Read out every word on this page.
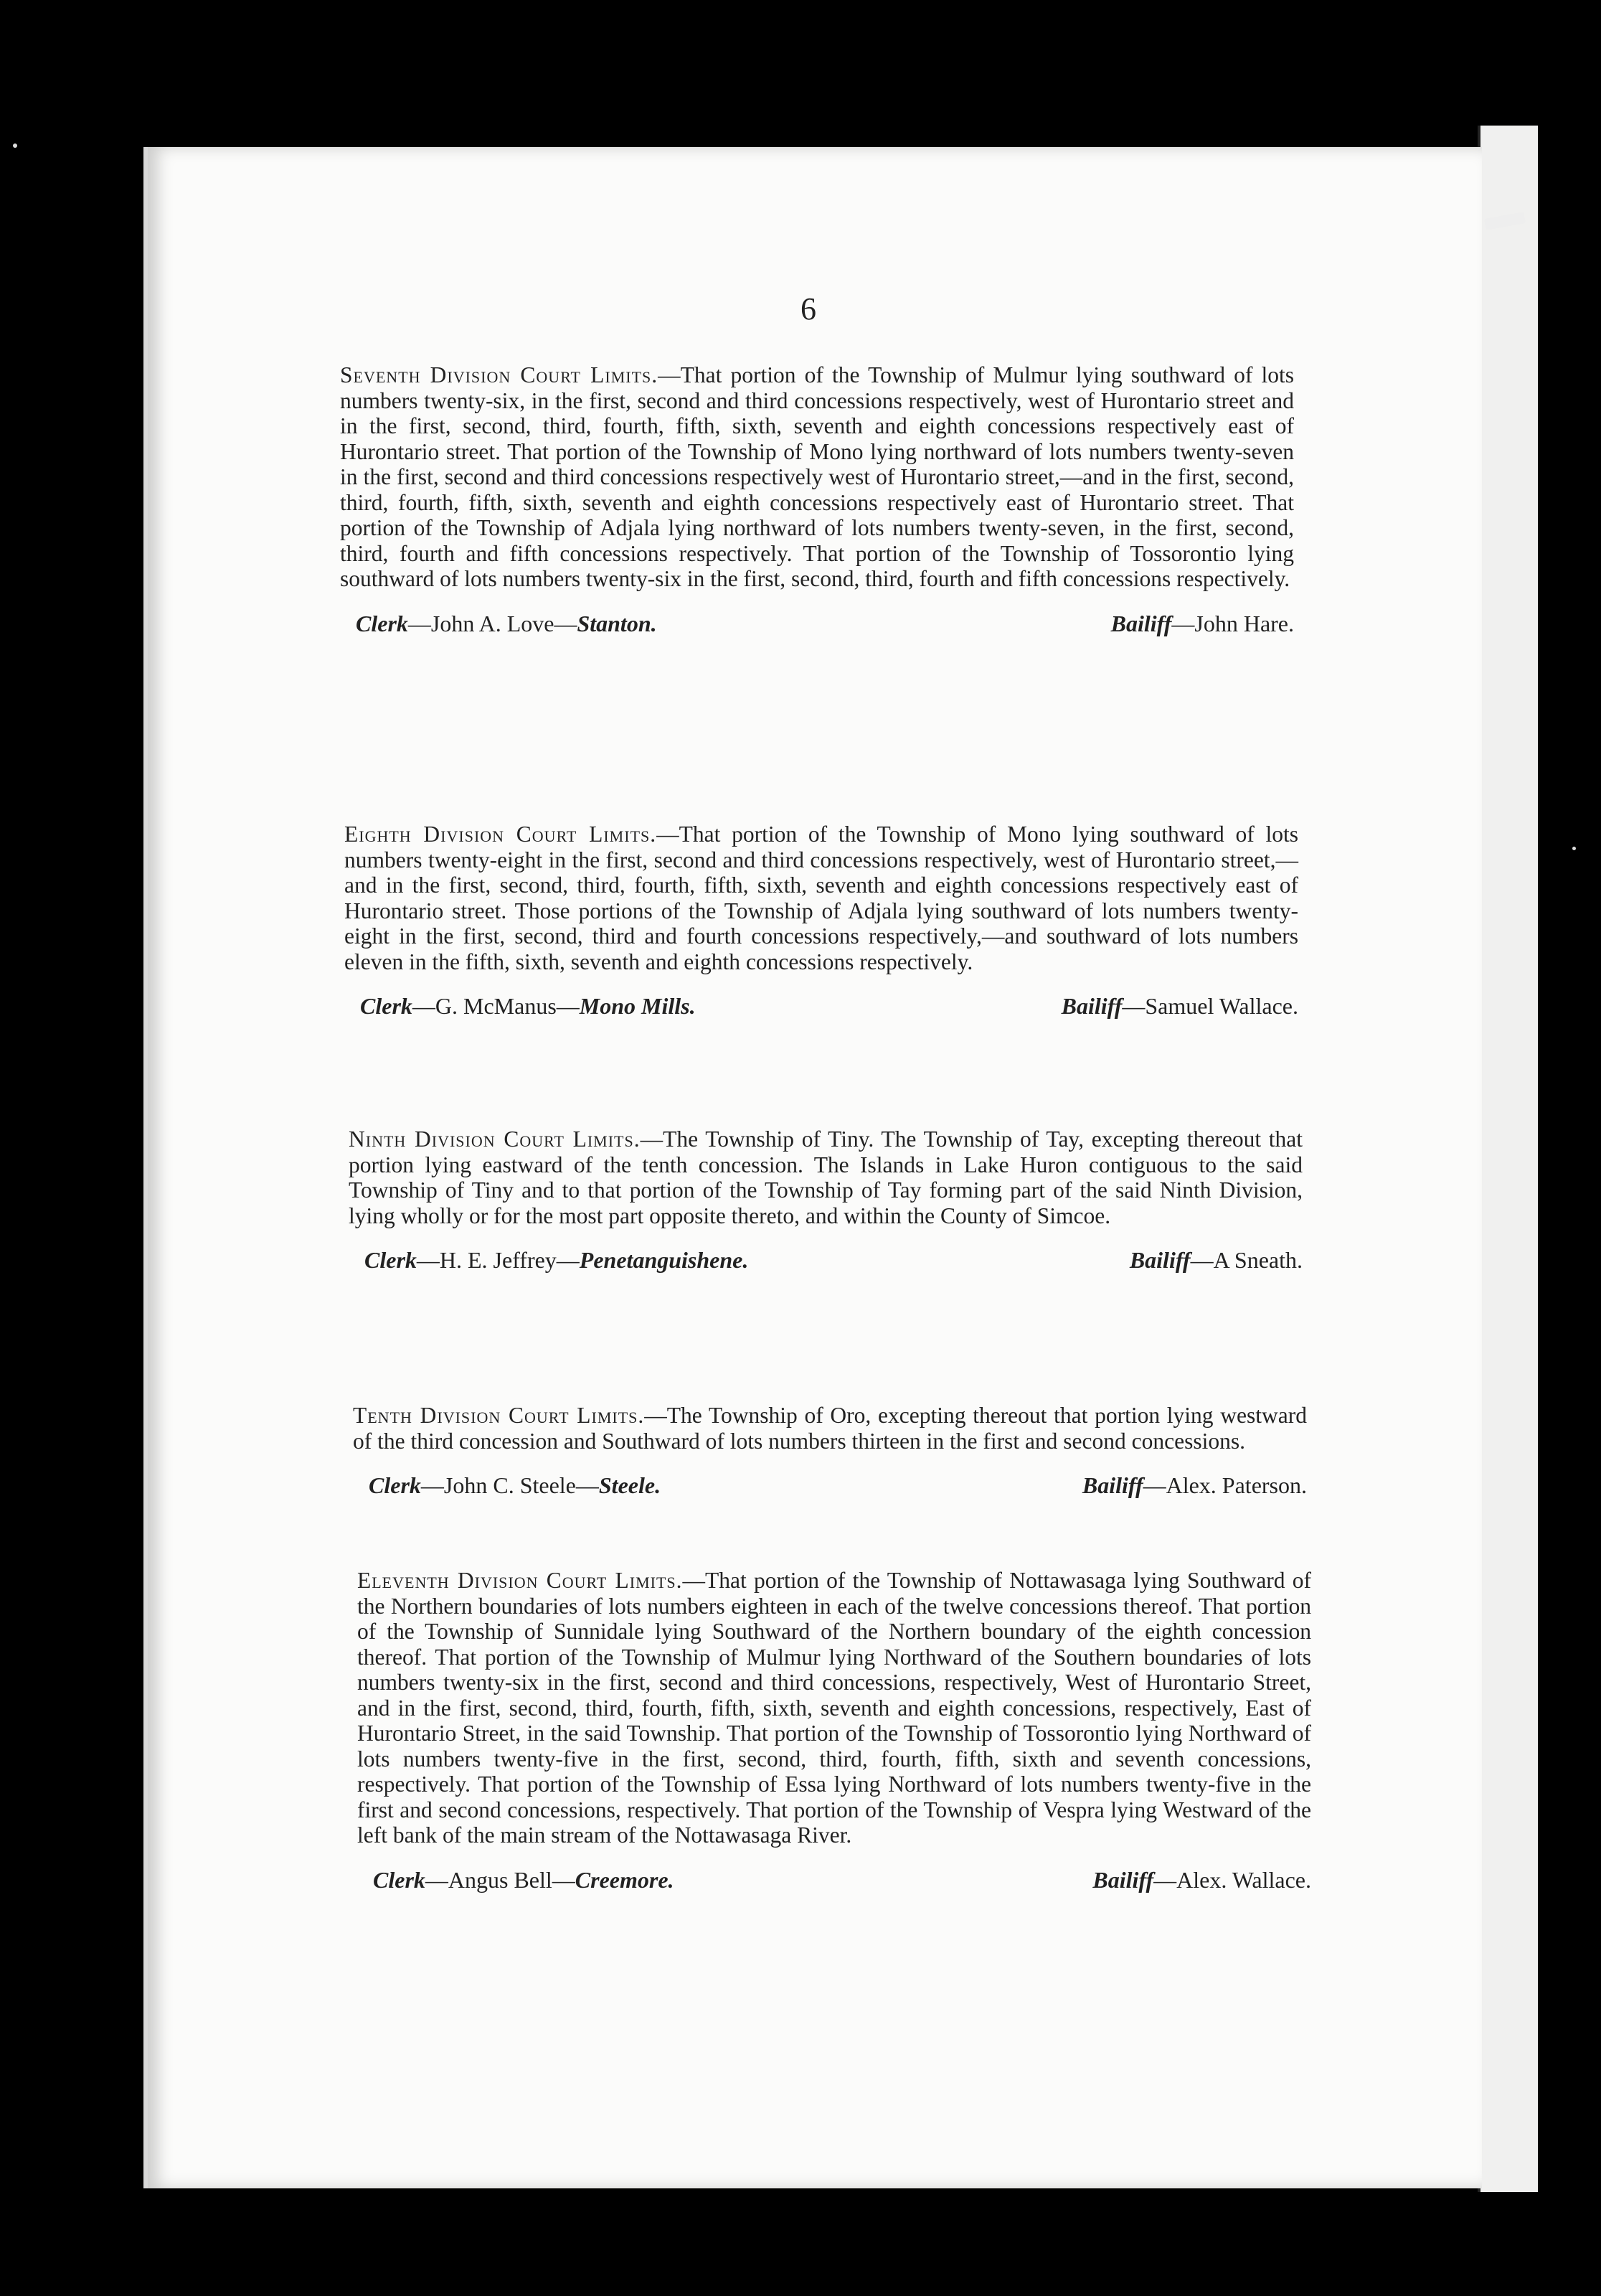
6

Seventh Division Court Limits.—That portion of the Township of Mulmur lying southward of lots numbers twenty-six, in the first, second and third concessions respectively, west of Hurontario street and in the first, second, third, fourth, fifth, sixth, seventh and eighth concessions respectively east of Hurontario street. That portion of the Township of Mono lying northward of lots numbers twenty-seven in the first, second and third concessions respectively west of Hurontario street,—and in the first, second, third, fourth, fifth, sixth, seventh and eighth concessions respectively east of Hurontario street. That portion of the Township of Adjala lying northward of lots numbers twenty-seven, in the first, second, third, fourth and fifth concessions respectively. That portion of the Township of Tossorontio lying southward of lots numbers twenty-six in the first, second, third, fourth and fifth concessions respectively.

Clerk—John A. Love—Stanton.	Bailiff—John Hare.

Eighth Division Court Limits.—That portion of the Township of Mono lying southward of lots numbers twenty-eight in the first, second and third concessions respectively, west of Hurontario street,—and in the first, second, third, fourth, fifth, sixth, seventh and eighth concessions respectively east of Hurontario street. Those portions of the Township of Adjala lying southward of lots numbers twenty-eight in the first, second, third and fourth concessions respectively,—and southward of lots numbers eleven in the fifth, sixth, seventh and eighth concessions respectively.

Clerk—G. McManus—Mono Mills.	Bailiff—Samuel Wallace.

Ninth Division Court Limits.—The Township of Tiny. The Township of Tay, excepting thereout that portion lying eastward of the tenth concession. The Islands in Lake Huron contiguous to the said Township of Tiny and to that portion of the Township of Tay forming part of the said Ninth Division, lying wholly or for the most part opposite thereto, and within the County of Simcoe.

Clerk—H. E. Jeffrey—Penetanguishene.	Bailiff—A Sneath.

Tenth Division Court Limits.—The Township of Oro, excepting thereout that portion lying westward of the third concession and Southward of lots numbers thirteen in the first and second concessions.

Clerk—John C. Steele—Steele.	Bailiff—Alex. Paterson.

Eleventh Division Court Limits.—That portion of the Township of Nottawasaga lying Southward of the Northern boundaries of lots numbers eighteen in each of the twelve concessions thereof. That portion of the Township of Sunnidale lying Southward of the Northern boundary of the eighth concession thereof. That portion of the Township of Mulmur lying Northward of the Southern boundaries of lots numbers twenty-six in the first, second and third concessions, respectively, West of Hurontario Street, and in the first, second, third, fourth, fifth, sixth, seventh and eighth concessions, respectively, East of Hurontario Street, in the said Township. That portion of the Township of Tossorontio lying Northward of lots numbers twenty-five in the first, second, third, fourth, fifth, sixth and seventh concessions, respectively. That portion of the Township of Essa lying Northward of lots numbers twenty-five in the first and second concessions, respectively. That portion of the Township of Vespra lying Westward of the left bank of the main stream of the Nottawasaga River.

Clerk—Angus Bell—Creemore.	Bailiff—Alex. Wallace.
